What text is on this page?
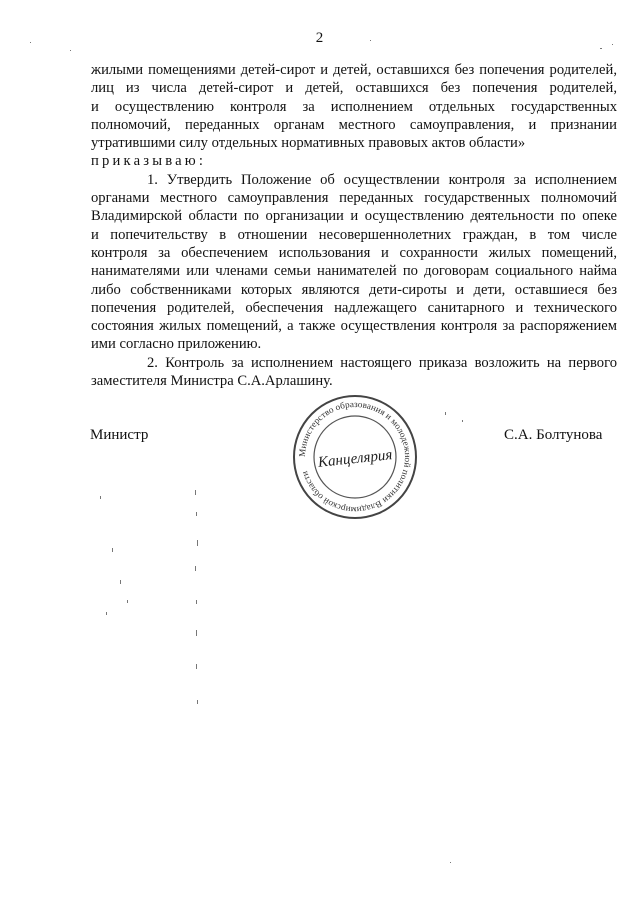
2
жилыми помещениями детей-сирот и детей, оставшихся без попечения родителей,
лиц из числа детей-сирот и детей, оставшихся без попечения родителей,
и осуществлению контроля за исполнением отдельных государственных
полномочий, переданных органам местного самоуправления, и признании
утратившими силу отдельных нормативных правовых актов области»
приказываю:
1. Утвердить Положение об осуществлении контроля за исполнением
органами местного самоуправления переданных государственных полномочий
Владимирской области по организации и осуществлению деятельности по опеке
и попечительству в отношении несовершеннолетних граждан, в том числе
контроля за обеспечением использования и сохранности жилых помещений,
нанимателями или членами семьи нанимателей по договорам социального найма
либо собственниками которых являются дети-сироты и дети, оставшиеся без
попечения родителей, обеспечения надлежащего санитарного и технического
состояния жилых помещений, а также осуществления контроля за распоряжением
ими согласно приложению.
2. Контроль за исполнением настоящего приказа возложить на первого
заместителя Министра С.А.Арлашину.
Министр	С.А. Болтунова
Министерство образования и молодежной политики Владимирской области
Канцелярия
